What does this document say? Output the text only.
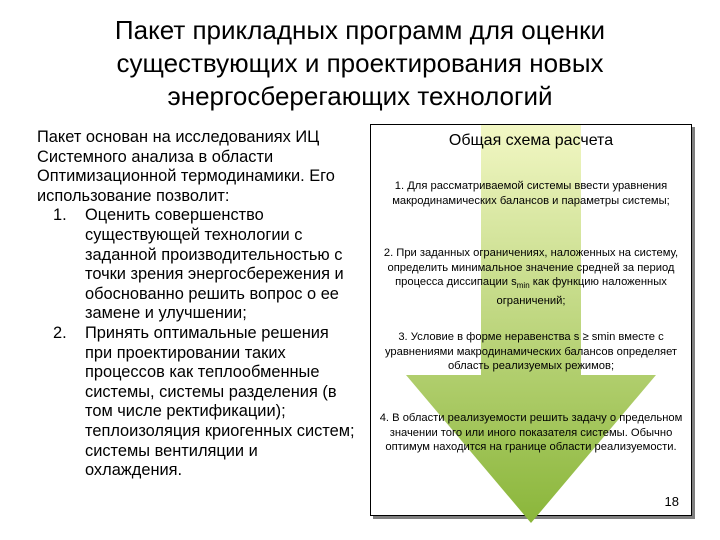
Пакет прикладных программ для оценки
существующих и проектирования новых
энергосберегающих технологий

Пакет основан на исследованиях ИЦ Системного анализа в области Оптимизационной термодинамики. Его использование позволит:

1. Оценить совершенство существующей технологии с заданной производительностью с точки зрения энергосбережения и обоснованно решить вопрос о ее замене и улучшении;
2. Принять оптимальные решения при проектировании таких процессов как теплообменные системы, системы разделения (в том числе ректификации); теплоизоляция криогенных систем; системы вентиляции и охлаждения.
Общая схема расчета
1. Для рассматриваемой системы ввести уравнения макродинамических балансов и параметры системы;
2. При заданных ограничениях, наложенных на систему, определить минимальное значение средней за период процесса диссипации $s_{min}$ как функцию наложенных ограничений;
3. Условие в форме неравенства s ≥ smin вместе с уравнениями макродинамических балансов определяет область реализуемых режимов;
4. В области реализуемости решить задачу о предельном значении того или иного показателя системы. Обычно оптимум находится на границе области реализуемости.
18
